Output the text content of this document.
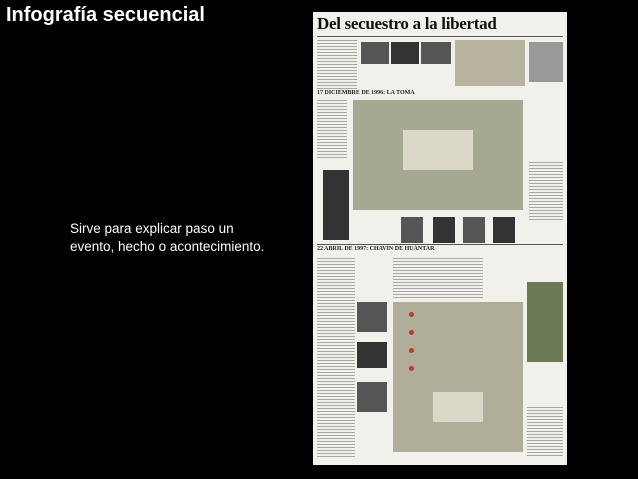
Infografía secuencial
Sirve para explicar paso un evento, hecho o acontecimiento.
Del secuestro a la libertad
17 DICIEMBRE DE 1996: LA TOMA
22 ABRIL DE 1997: CHAVÍN DE HUÁNTAR
